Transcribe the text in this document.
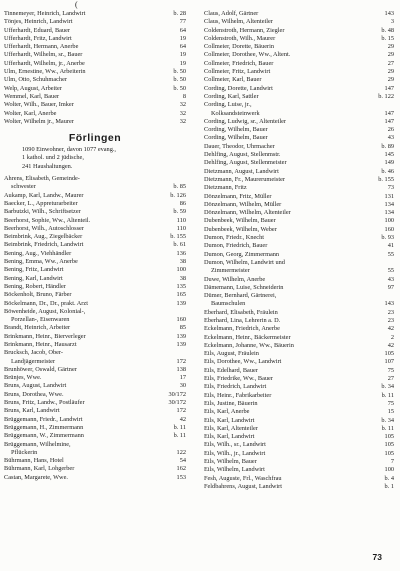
(
Tinnemeyer, Heinrich, Landwirt	b. 28
Tönjes, Heinrich, Landwirt	77
Ufferhardt, Eduard, Bauer	64
Ufferhardt, Fritz, Landwirt	19
Ufferhardt, Hermann, Anerbe	64
Ufferhardt, Wilhelm, sr., Bauer	19
Ufferhardt, Wilhelm, jr., Anerbe	19
Ulm, Ernestine, Ww., Arbeiterin	b. 50
Ulm, Otto, Schuhmacher	b. 50
Welp, August, Arbeiter	b. 50
Wemmel, Karl, Bauer	8
Wolter, Wilh., Bauer, Imker	32
Wolter, Karl, Anerbe	32
Wolter, Wilhelm jr., Maurer	32
Förlingen
1090 Einwohner, davon 1077 evang.,
1 kathol. und 2 jüdische,
241 Haushaltungen.
Ahrens, Elisabeth, Gemeinde-
schwester	b. 85
Aukamp, Karl, Landw., Maurer	b. 126
Baecker, L., Appreturarbeiter	86
Barbutzki, Wilh., Schriftsetzer	b. 59
Beerhorst, Sophie, Ww., Altenteil.	110
Beerhorst, Wilh., Autoschlosser	110
Beimbrink, Aug., Ziegelbäcker	b. 155
Beimbrink, Friedrich, Landwirt	b. 61
Bening, Aug., Viehhändler	136
Bening, Emma, Ww., Anerbe	38
Bening, Fritz, Landwirt	100
Bening, Karl, Landwirt	38
Bening, Robert, Händler	135
Böckenholt, Bruno, Färber	165
Böckelmann, Dr., Dr., prakt. Arzt	139
Böwenheide, August, Kolonial-,
Porzellan-, Eisenwaren	160
Brandt, Heinrich, Arbeiter	85
Brinkmann, Heinr., Bierverleger	139
Brinkmann, Heinr., Hausarzt	139
Brucksch, Jacob, Ober-
Landjägermeister	172
Brunhöwer, Oswald, Gärtner	138
Brünjes, Wwe.	17
Bruns, August, Landwirt	30
Bruns, Dorothea, Wwe.	30/172
Bruns, Fritz, Landw., Postläufer	30/172
Bruns, Karl, Landwirt	172
Brüggemann, Friedr., Landwirt	42
Brüggemann, H., Zimmermann	b. 11
Brüggemann, W., Zimmermann	b. 11
Brüggemann, Wilhelmine,
Pflückerin	122
Bührmann, Hans, Hotel	54
Bührmann, Karl, Lohgerber	162
Castan, Margarete, Wwe.	153
Claus, Adolf, Gärtner	143
Claus, Wilhelm, Altenteiler	3
Coldenstroth, Hermann, Ziegler	b. 48
Coldenstroth, Wilh., Maurer	b. 15
Collmeier, Dorette, Bäuerin	29
Collmeier, Dorothee, Ww., Altent.	29
Collmeier, Friedrich, Bauer	27
Collmeier, Fritz, Landwirt	29
Collmeier, Karl, Bauer	29
Cording, Dorette, Landwirt	147
Cording, Karl, Sattler	b. 122
Cording, Luise, jr.,
Kolksandsteinwerk	147
Cording, Ludwig, sr., Altenteiler	147
Cording, Wilhelm, Bauer	26
Cording, Wilhelm, Bauer	43
Dauer, Theodor, Uhrmacher	b. 89
Dehlfing, August, Stellenmstr.	145
Dehlfing, August, Stellenmeister	149
Dietzmann, August, Landwirt	b. 46
Dietzmann, Fr., Maurerumeister	b. 155
Dietzmann, Fritz	73
Dönzelmann, Fritz, Müller	131
Dönzelmann, Wilhelm, Müller	134
Dönzelmann, Wilhelm, Altenteiler	134
Dubenbeek, Wilhelm, Bauer	100
Dubenbeek, Wilhelm, Weber	160
Dumon, Friedr., Knecht	b. 93
Dumon, Friedrich, Bauer	41
Dumon, Georg, Zimmermann	55
Dumon, Wilhelm, Landwirt und
Zimmermeister	55
Duwe, Wilhelm, Anerbe	43
Dämemann, Luise, Schneiderin	97
Dümer, Bernhard, Gärtnerei,
Baumschulen	143
Eberhard, Elisabeth, Fräulein	23
Eberhard, Lina, Lehrerin a. D.	23
Eckelmann, Friedrich, Anerbe	42
Eckelmann, Heinr., Bäckermeister	2
Eckelmann, Johanne, Ww., Bäuerin	42
Eils, August, Fräulein	105
Eils, Dorothee, Ww., Landwirt	107
Eils, Edelhard, Bauer	75
Eils, Friedrike, Ww., Bauer	27
Eils, Friedrich, Landwirt	b. 34
Eils, Heinr., Fabrikarbeiter	b. 11
Eils, Justine, Bäuerin	75
Eils, Karl, Anerbe	15
Eils, Karl, Landwirt	b. 34
Eils, Karl, Altenteiler	b. 11
Eils, Karl, Landwirt	105
Eils, Wilh., sr., Landwirt	105
Eils, Wilh., jr., Landwirt	105
Eils, Wilhelm, Bauer	7
Eils, Wilhelm, Landwirt	100
Fesh, Auguste, Frl., Waschfrau	b. 4
Feldbahrens, August, Landwirt	b. 1
73
